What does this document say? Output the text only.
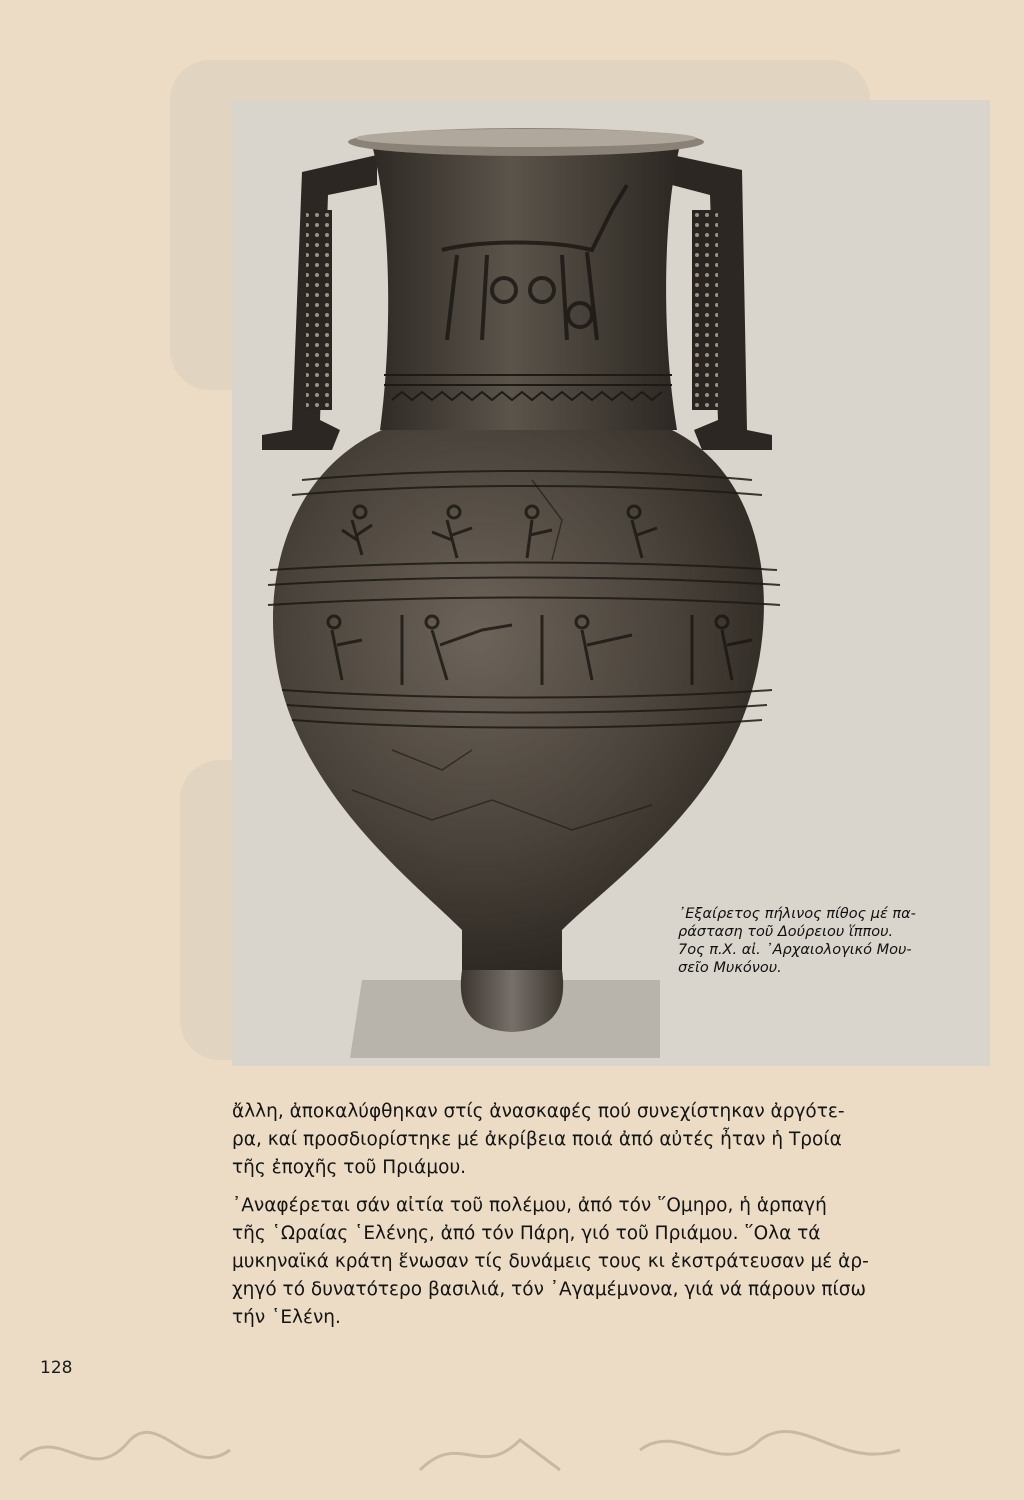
᾿Εξαίρετος πήλινος πίθος μέ πα-
ράσταση τοῦ Δούρειου ἵππου.
7ος π.Χ. αἰ. ᾿Αρχαιολογικό Μου-
σεῖο Μυκόνου.
ἄλλη, ἀποκαλύφθηκαν στίς ἀνασκαφές πού συνεχίστηκαν ἀργότε-
ρα, καί προσδιορίστηκε μέ ἀκρίβεια ποιά ἀπό αὐτές ἦταν ἡ Τροία
τῆς ἐποχῆς τοῦ Πριάμου.
᾿Αναφέρεται σάν αἰτία τοῦ πολέμου, ἀπό τόν ῞Ομηρο, ἡ ἁρπαγή
τῆς ῾Ωραίας ῾Ελένης, ἀπό τόν Πάρη, γιό τοῦ Πριάμου. ῞Ολα τά
μυκηναϊκά κράτη ἕνωσαν τίς δυνάμεις τους κι ἐκστράτευσαν μέ ἀρ-
χηγό τό δυνατότερο βασιλιά, τόν ᾿Αγαμέμνονα, γιά νά πάρουν πίσω
τήν ῾Ελένη.
128
